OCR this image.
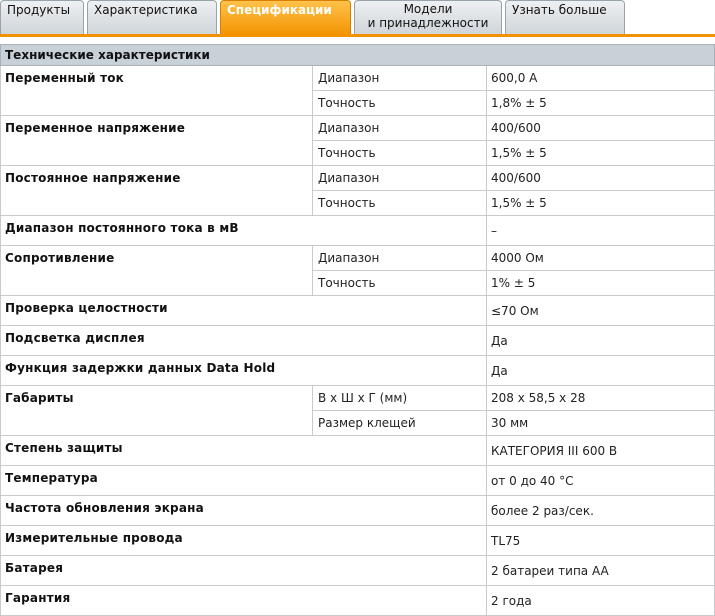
Продукты	Характеристика	Спецификации	Модели
и принадлежности
Узнать больше
Технические характеристики		
Переменный ток	Диапазон	600,0 A
	Точность	1,8% ± 5
Переменное напряжение	Диапазон	400/600
	Точность	1,5% ± 5
Постоянное напряжение	Диапазон	400/600
	Точность	1,5% ± 5
Диапазон постоянного тока в мВ		–
Сопротивление	Диапазон	4000 Ом
	Точность	1% ± 5
Проверка целостности		≤70 Ом
Подсветка дисплея		Да
Функция задержки данных Data Hold		Да
Габариты	В x Ш x Г (мм)	208 x 58,5 x 28
	Размер клещей	30 мм
Степень защиты		КАТЕГОРИЯ III 600 В
Температура		от 0 до 40 °C
Частота обновления экрана		более 2 раз/сек.
Измерительные провода		TL75
Батарея		2 батареи типа AA
Гарантия		2 года
